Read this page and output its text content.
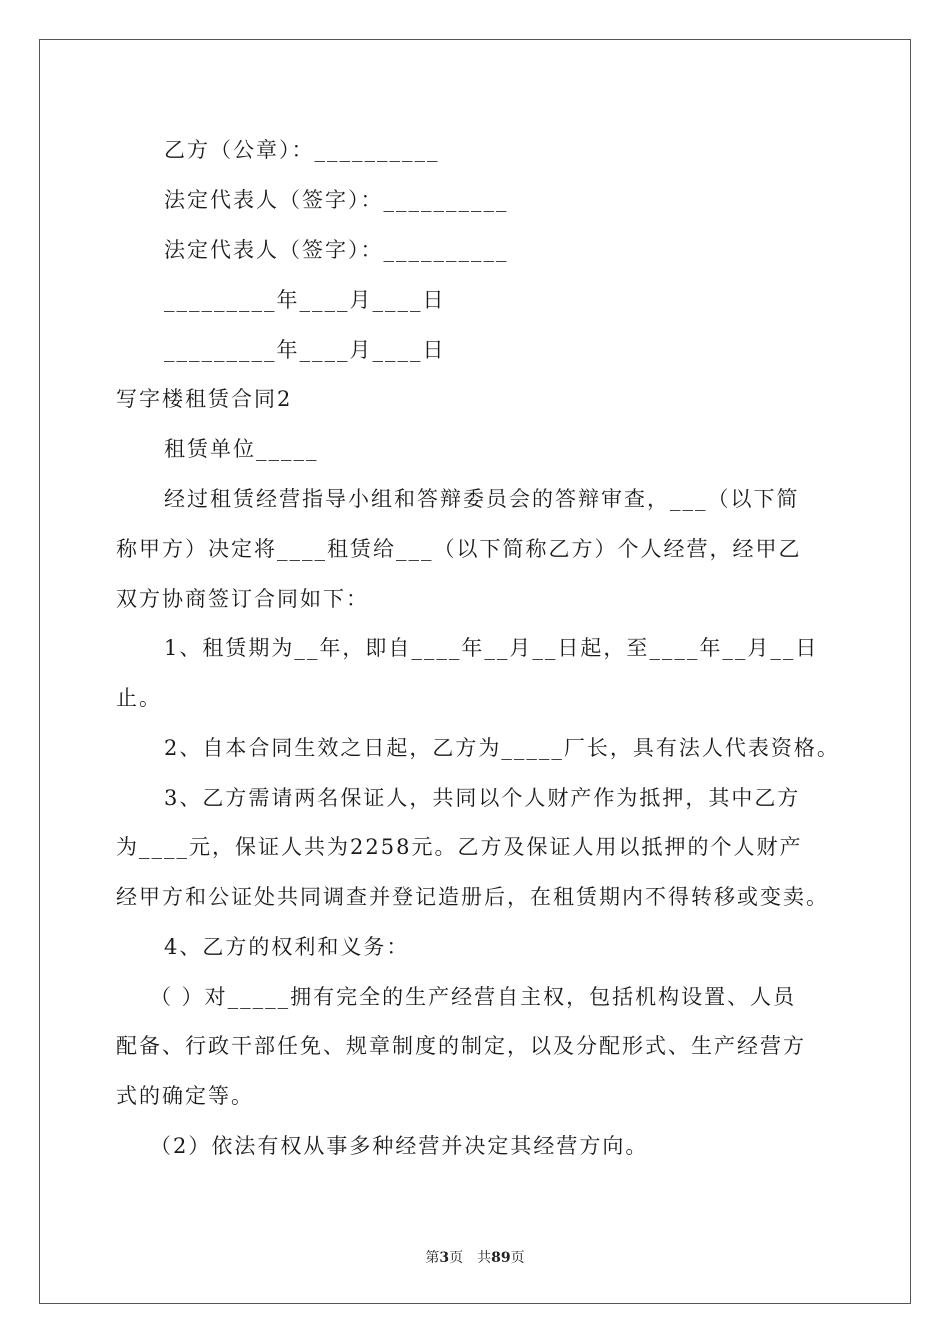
乙方（公章）：__________
法定代表人（签字）：__________
法定代表人（签字）：__________
_________年____月____日
_________年____月____日
写字楼租赁合同2
租赁单位_____
经过租赁经营指导小组和答辩委员会的答辩审查，___（以下简
称甲方）决定将____租赁给___（以下简称乙方）个人经营，经甲乙
双方协商签订合同如下：
1、租赁期为__年，即自____年__月__日起，至____年__月__日
止。
2、自本合同生效之日起，乙方为_____厂长，具有法人代表资格。
3、乙方需请两名保证人，共同以个人财产作为抵押，其中乙方
为____元，保证人共为2258元。乙方及保证人用以抵押的个人财产
经甲方和公证处共同调查并登记造册后，在租赁期内不得转移或变卖。
4、乙方的权利和义务：
（ ）对_____拥有完全的生产经营自主权，包括机构设置、人员
配备、行政干部任免、规章制度的制定，以及分配形式、生产经营方
式的确定等。
（2）依法有权从事多种经营并决定其经营方向。
第3页　共89页
